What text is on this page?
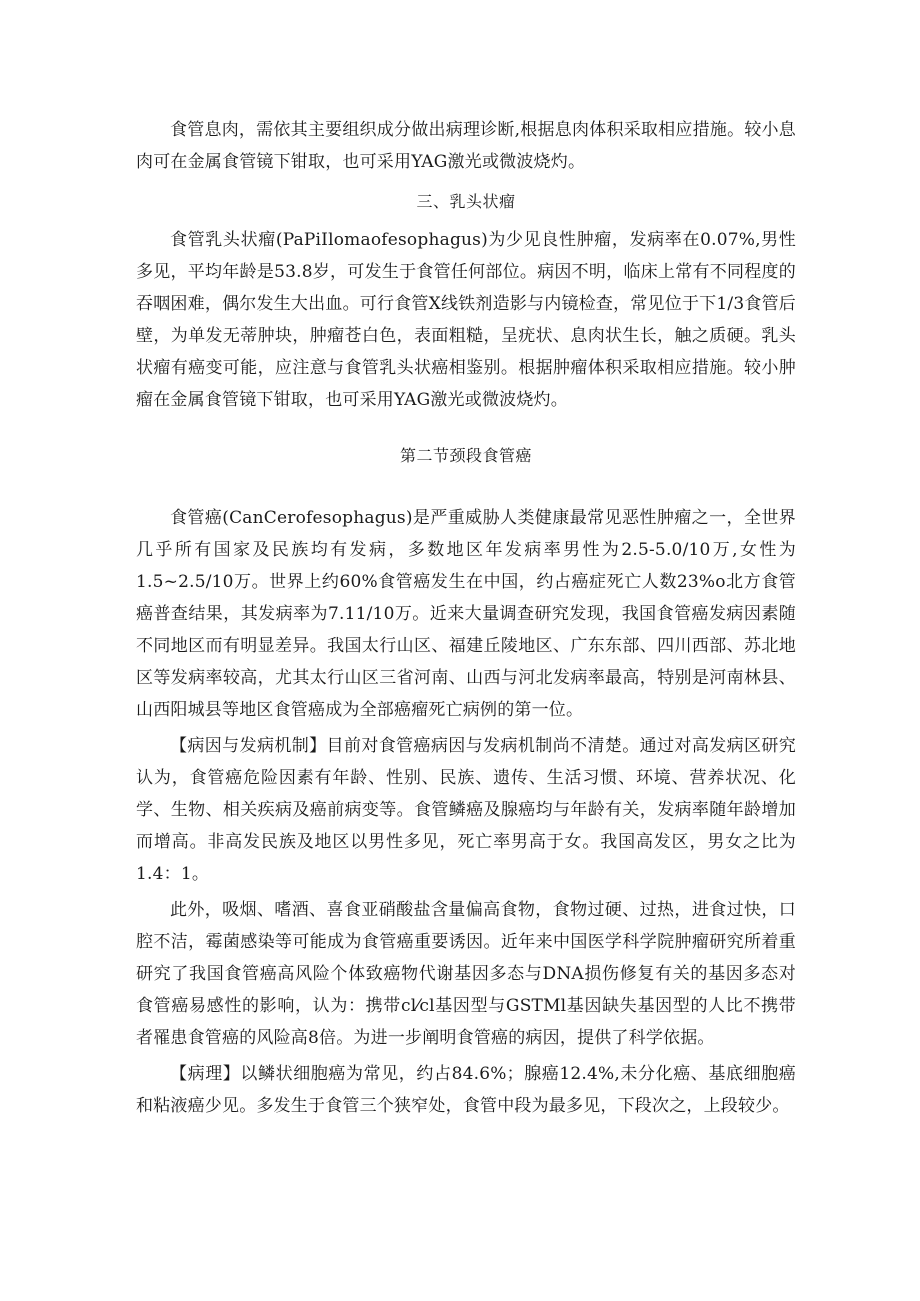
食管息肉，需依其主要组织成分做出病理诊断,根据息肉体积采取相应措施。较小息肉可在金属食管镜下钳取，也可采用YAG激光或微波烧灼。

三、乳头状瘤

食管乳头状瘤(PaPiIlomaofesophagus)为少见良性肿瘤，发病率在0.07%,男性多见，平均年龄是53.8岁，可发生于食管任何部位。病因不明，临床上常有不同程度的吞咽困难，偶尔发生大出血。可行食管X线铁剂造影与内镜检查，常见位于下1/3食管后壁，为单发无蒂肿块，肿瘤苍白色，表面粗糙，呈疣状、息肉状生长，触之质硬。乳头状瘤有癌变可能，应注意与食管乳头状癌相鉴别。根据肿瘤体积采取相应措施。较小肿瘤在金属食管镜下钳取，也可采用YAG激光或微波烧灼。

第二节颈段食管癌

食管癌(CanCerofesophagus)是严重威胁人类健康最常见恶性肿瘤之一，全世界几乎所有国家及民族均有发病，多数地区年发病率男性为2.5-5.0/10万,女性为1.5~2.5/10万。世界上约60%食管癌发生在中国，约占癌症死亡人数23%o北方食管癌普查结果，其发病率为7.11/10万。近来大量调查研究发现，我国食管癌发病因素随不同地区而有明显差异。我国太行山区、福建丘陵地区、广东东部、四川西部、苏北地区等发病率较高，尤其太行山区三省河南、山西与河北发病率最高，特别是河南林县、山西阳城县等地区食管癌成为全部癌瘤死亡病例的第一位。

【病因与发病机制】目前对食管癌病因与发病机制尚不清楚。通过对高发病区研究认为，食管癌危险因素有年龄、性别、民族、遗传、生活习惯、环境、营养状况、化学、生物、相关疾病及癌前病变等。食管鳞癌及腺癌均与年龄有关，发病率随年龄增加而增高。非高发民族及地区以男性多见，死亡率男高于女。我国高发区，男女之比为1.4：1。

此外，吸烟、嗜酒、喜食亚硝酸盐含量偏高食物，食物过硬、过热，进食过快，口腔不洁，霉菌感染等可能成为食管癌重要诱因。近年来中国医学科学院肿瘤研究所着重研究了我国食管癌高风险个体致癌物代谢基因多态与DNA损伤修复有关的基因多态对食管癌易感性的影响，认为：携带cl⁄cl基因型与GSTMl基因缺失基因型的人比不携带者罹患食管癌的风险高8倍。为进一步阐明食管癌的病因，提供了科学依据。

【病理】以鳞状细胞癌为常见，约占84.6%；腺癌12.4%,未分化癌、基底细胞癌和粘液癌少见。多发生于食管三个狭窄处，食管中段为最多见，下段次之，上段较少。
